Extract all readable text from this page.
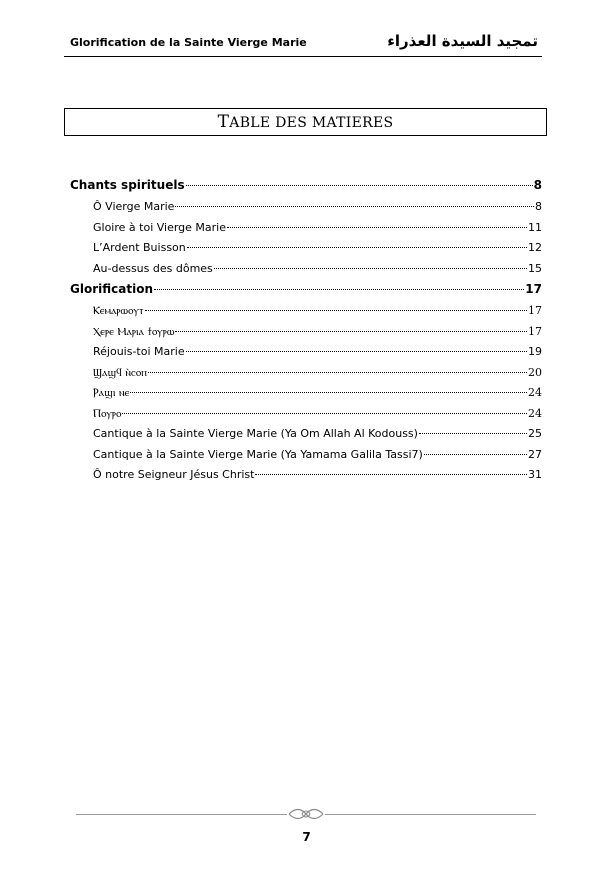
Glorification de la Sainte Vierge Marie	تمجيد السيدة العذراء
TABLE DES MATIERES
Chants spirituels	8
Ô Vierge Marie	8
Gloire à toi Vierge Marie	11
L’Ardent Buisson	12
Au-dessus des dômes	15
Glorification	17
Ⲕⲉⲙⲁⲣⲱⲟⲩⲧ	17
Ⲭⲉⲣⲉ Ⲙⲁⲣⲓⲁ ϯⲟⲩⲣⲱ	17
Réjouis-toi Marie	19
Ϣⲁϣϥ ⲛ̀ⲥⲟⲡ	20
Ⲣⲁϣⲓ ⲛⲉ	24
Ⲡⲟⲩⲣⲟ	24
Cantique à la Sainte Vierge Marie (Ya Om Allah Al Kodouss)	25
Cantique à la Sainte Vierge Marie (Ya Yamama Galila Tassi7)	27
Ô notre Seigneur Jésus Christ	31
7
